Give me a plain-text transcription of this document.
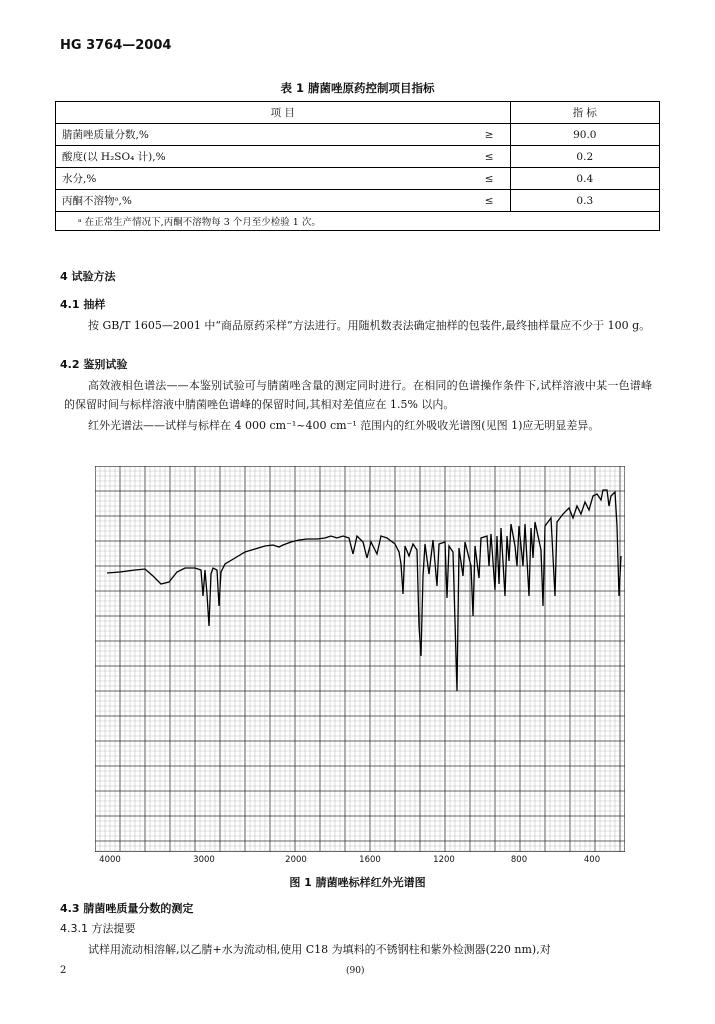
HG 3764—2004
表 1 腈菌唑原药控制项目指标
项 目		指 标
腈菌唑质量分数,%	≥	90.0
酸度(以 H₂SO₄ 计),%	≤	0.2
水分,%	≤	0.4
丙酮不溶物ᵃ,%	≤	0.3
ᵃ 在正常生产情况下,丙酮不溶物每 3 个月至少检验 1 次。		
4 试验方法
4.1 抽样
按 GB/T 1605—2001 中“商品原药采样”方法进行。用随机数表法确定抽样的包装件,最终抽样量应不少于 100 g。
4.2 鉴别试验
高效液相色谱法——本鉴别试验可与腈菌唑含量的测定同时进行。在相同的色谱操作条件下,试样溶液中某一色谱峰的保留时间与标样溶液中腈菌唑色谱峰的保留时间,其相对差值应在 1.5% 以内。
红外光谱法——试样与标样在 4 000 cm⁻¹~400 cm⁻¹ 范围内的红外吸收光谱图(见图 1)应无明显差异。
4000	3000	2000	1600	1200	800	400
图 1 腈菌唑标样红外光谱图
4.3 腈菌唑质量分数的测定
4.3.1 方法提要
试样用流动相溶解,以乙腈+水为流动相,使用 C18 为填料的不锈钢柱和紫外检测器(220 nm),对
2	(90)
